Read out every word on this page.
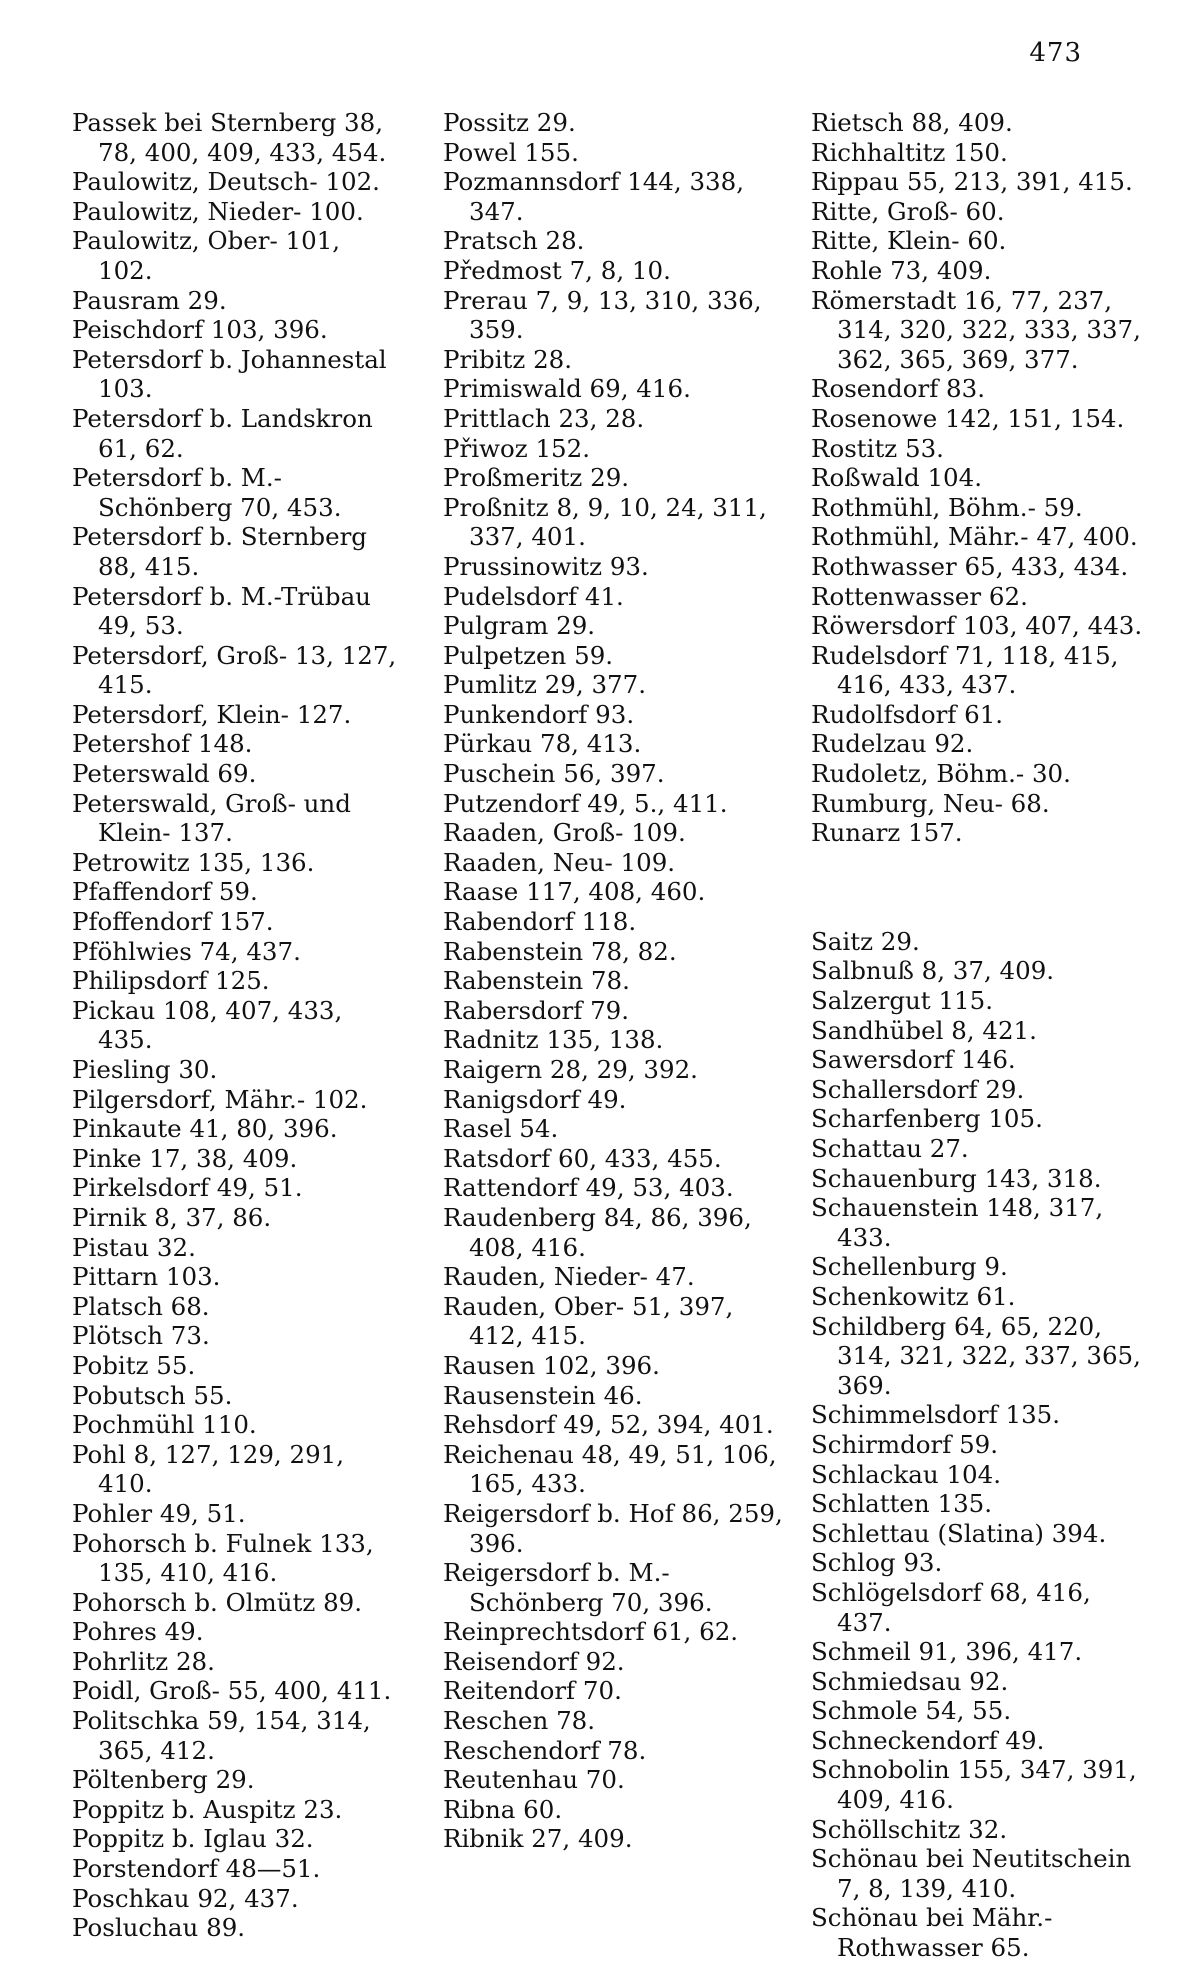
473

Passek bei Sternberg 38, 78, 400, 409, 433, 454.

Paulowitz, Deutsch- 102.

Paulowitz, Nieder- 100.

Paulowitz, Ober- 101, 102.

Pausram 29.

Peischdorf 103, 396.

Petersdorf b. Johannestal 103.

Petersdorf b. Landskron 61, 62.

Petersdorf b. M.-Schönberg 70, 453.

Petersdorf b. Sternberg 88, 415.

Petersdorf b. M.-Trübau 49, 53.

Petersdorf, Groß- 13, 127, 415.

Petersdorf, Klein- 127.

Petershof 148.

Peterswald 69.

Peterswald, Groß- und Klein- 137.

Petrowitz 135, 136.

Pfaffendorf 59.

Pfoffendorf 157.

Pföhlwies 74, 437.

Philipsdorf 125.

Pickau 108, 407, 433, 435.

Piesling 30.

Pilgersdorf, Mähr.- 102.

Pinkaute 41, 80, 396.

Pinke 17, 38, 409.

Pirkelsdorf 49, 51.

Pirnik 8, 37, 86.

Pistau 32.

Pittarn 103.

Platsch 68.

Plötsch 73.

Pobitz 55.

Pobutsch 55.

Pochmühl 110.

Pohl 8, 127, 129, 291, 410.

Pohler 49, 51.

Pohorsch b. Fulnek 133, 135, 410, 416.

Pohorsch b. Olmütz 89.

Pohres 49.

Pohrlitz 28.

Poidl, Groß- 55, 400, 411.

Politschka 59, 154, 314, 365, 412.

Pöltenberg 29.

Poppitz b. Auspitz 23.

Poppitz b. Iglau 32.

Porstendorf 48—51.

Poschkau 92, 437.

Posluchau 89.

Possitz 29.

Powel 155.

Pozmannsdorf 144, 338, 347.

Pratsch 28.

Předmost 7, 8, 10.

Prerau 7, 9, 13, 310, 336, 359.

Pribitz 28.

Primiswald 69, 416.

Prittlach 23, 28.

Přiwoz 152.

Proßmeritz 29.

Proßnitz 8, 9, 10, 24, 311, 337, 401.

Prussinowitz 93.

Pudelsdorf 41.

Pulgram 29.

Pulpetzen 59.

Pumlitz 29, 377.

Punkendorf 93.

Pürkau 78, 413.

Puschein 56, 397.

Putzendorf 49, 5., 411.

Raaden, Groß- 109.

Raaden, Neu- 109.

Raase 117, 408, 460.

Rabendorf 118.

Rabenstein 78, 82.

Rabenstein 78.

Rabersdorf 79.

Radnitz 135, 138.

Raigern 28, 29, 392.

Ranigsdorf 49.

Rasel 54.

Ratsdorf 60, 433, 455.

Rattendorf 49, 53, 403.

Raudenberg 84, 86, 396, 408, 416.

Rauden, Nieder- 47.

Rauden, Ober- 51, 397, 412, 415.

Rausen 102, 396.

Rausenstein 46.

Rehsdorf 49, 52, 394, 401.

Reichenau 48, 49, 51, 106, 165, 433.

Reigersdorf b. Hof 86, 259, 396.

Reigersdorf b. M.-Schönberg 70, 396.

Reinprechtsdorf 61, 62.

Reisendorf 92.

Reitendorf 70.

Reschen 78.

Reschendorf 78.

Reutenhau 70.

Ribna 60.

Ribnik 27, 409.

Rietsch 88, 409.

Richhaltitz 150.

Rippau 55, 213, 391, 415.

Ritte, Groß- 60.

Ritte, Klein- 60.

Rohle 73, 409.

Römerstadt 16, 77, 237, 314, 320, 322, 333, 337, 362, 365, 369, 377.

Rosendorf 83.

Rosenowe 142, 151, 154.

Rostitz 53.

Roßwald 104.

Rothmühl, Böhm.- 59.

Rothmühl, Mähr.- 47, 400.

Rothwasser 65, 433, 434.

Rottenwasser 62.

Röwersdorf 103, 407, 443.

Rudelsdorf 71, 118, 415, 416, 433, 437.

Rudolfsdorf 61.

Rudelzau 92.

Rudoletz, Böhm.- 30.

Rumburg, Neu- 68.

Runarz 157.

Saitz 29.

Salbnuß 8, 37, 409.

Salzergut 115.

Sandhübel 8, 421.

Sawersdorf 146.

Schallersdorf 29.

Scharfenberg 105.

Schattau 27.

Schauenburg 143, 318.

Schauenstein 148, 317, 433.

Schellenburg 9.

Schenkowitz 61.

Schildberg 64, 65, 220, 314, 321, 322, 337, 365, 369.

Schimmelsdorf 135.

Schirmdorf 59.

Schlackau 104.

Schlatten 135.

Schlettau (Slatina) 394.

Schlog 93.

Schlögelsdorf 68, 416, 437.

Schmeil 91, 396, 417.

Schmiedsau 92.

Schmole 54, 55.

Schneckendorf 49.

Schnobolin 155, 347, 391, 409, 416.

Schöllschitz 32.

Schönau bei Neutitschein 7, 8, 139, 410.

Schönau bei Mähr.-Rothwasser 65.
